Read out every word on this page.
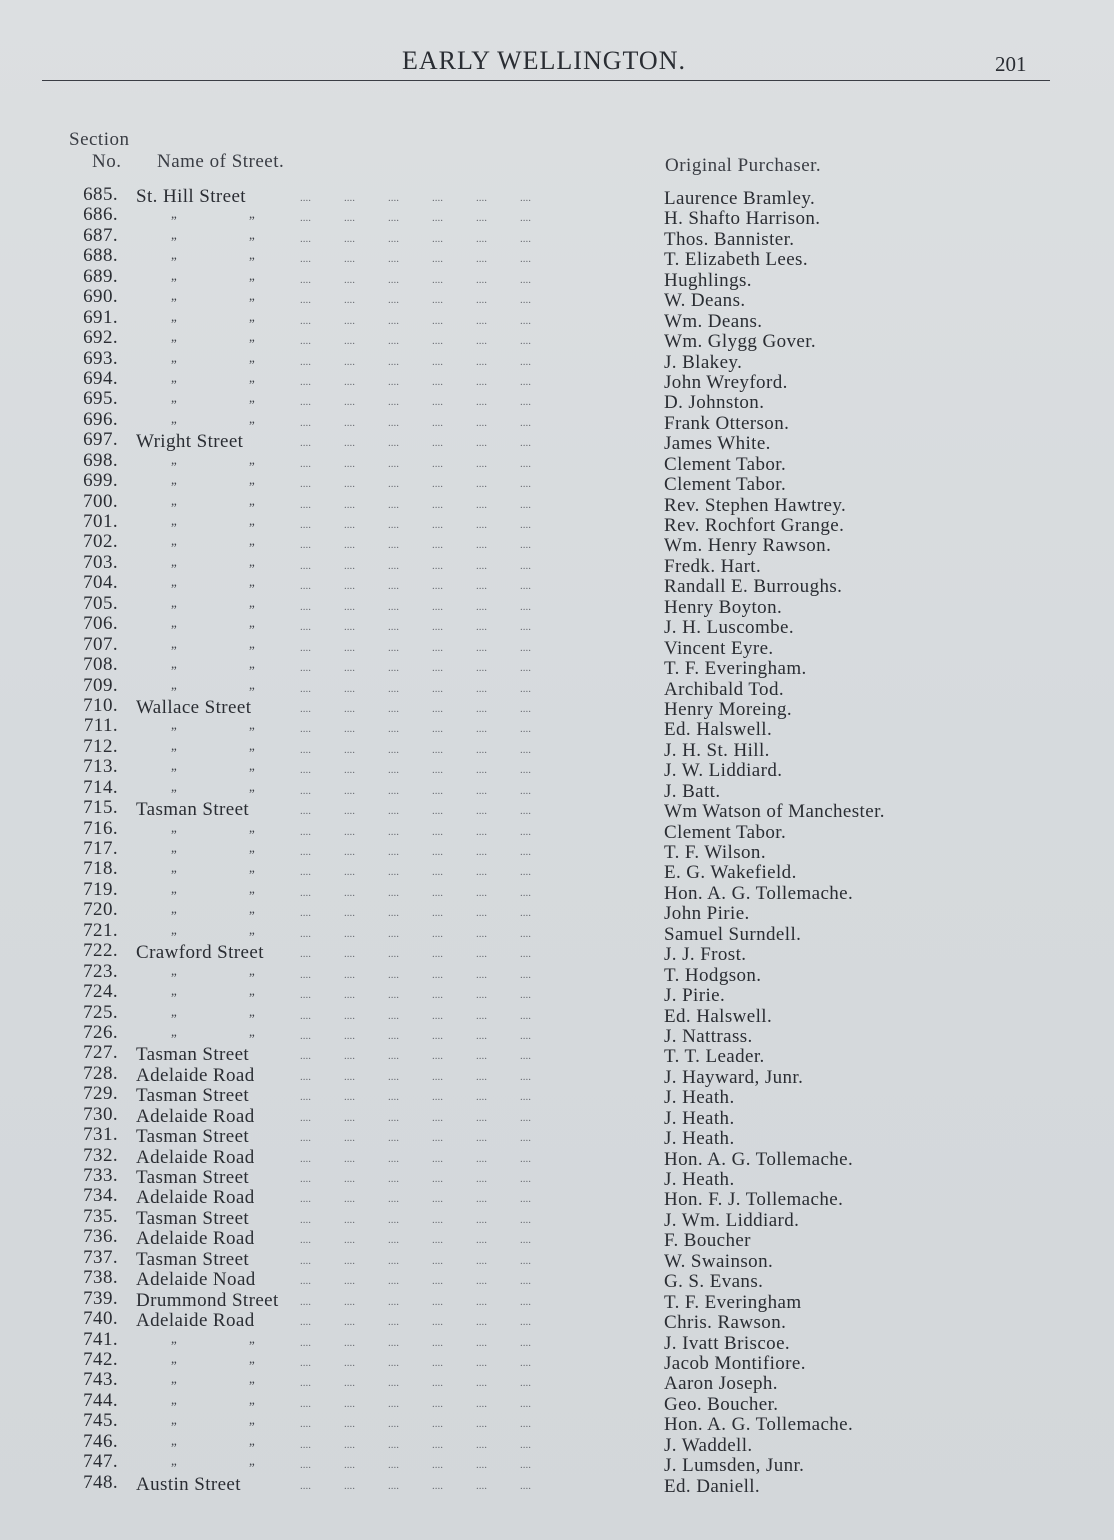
EARLY WELLINGTON.	201
Section
No. Name of Street.	Original Purchaser.
685. St. Hill Street	....            ....            ....            ....            ....            ....	Laurence Bramley.
686.	”	”	....            ....            ....            ....            ....            ....	H. Shafto Harrison.
687.	”	”	....            ....            ....            ....            ....            ....	Thos. Bannister.
688.	”	”	....            ....            ....            ....            ....            ....	T. Elizabeth Lees.
689.	”	”	....            ....            ....            ....            ....            ....	Hughlings.
690.	”	”	....            ....            ....            ....            ....            ....	W. Deans.
691.	”	”	....            ....            ....            ....            ....            ....	Wm. Deans.
692.	”	”	....            ....            ....            ....            ....            ....	Wm. Glygg Gover.
693.	”	”	....            ....            ....            ....            ....            ....	J. Blakey.
694.	”	”	....            ....            ....            ....            ....            ....	John Wreyford.
695.	”	”	....            ....            ....            ....            ....            ....	D. Johnston.
696.	”	”	....            ....            ....            ....            ....            ....	Frank Otterson.
697. Wright Street	....            ....            ....            ....            ....            ....	James White.
698.	”	”	....            ....            ....            ....            ....            ....	Clement Tabor.
699.	”	”	....            ....            ....            ....            ....            ....	Clement Tabor.
700.	”	”	....            ....            ....            ....            ....            ....	Rev. Stephen Hawtrey.
701.	”	”	....            ....            ....            ....            ....            ....	Rev. Rochfort Grange.
702.	”	”	....            ....            ....            ....            ....            ....	Wm. Henry Rawson.
703.	”	”	....            ....            ....            ....            ....            ....	Fredk. Hart.
704.	”	”	....            ....            ....            ....            ....            ....	Randall E. Burroughs.
705.	”	”	....            ....            ....            ....            ....            ....	Henry Boyton.
706.	”	”	....            ....            ....            ....            ....            ....	J. H. Luscombe.
707.	”	”	....            ....            ....            ....            ....            ....	Vincent Eyre.
708.	”	”	....            ....            ....            ....            ....            ....	T. F. Everingham.
709.	”	”	....            ....            ....            ....            ....            ....	Archibald Tod.
710. Wallace Street	....            ....            ....            ....            ....            ....	Henry Moreing.
711.	”	”	....            ....            ....            ....            ....            ....	Ed. Halswell.
712.	”	”	....            ....            ....            ....            ....            ....	J. H. St. Hill.
713.	”	”	....            ....            ....            ....            ....            ....	J. W. Liddiard.
714.	”	”	....            ....            ....            ....            ....            ....	J. Batt.
715. Tasman Street	....            ....            ....            ....            ....            ....	Wm Watson of Manchester.
716.	”	”	....            ....            ....            ....            ....            ....	Clement Tabor.
717.	”	”	....            ....            ....            ....            ....            ....	T. F. Wilson.
718.	”	”	....            ....            ....            ....            ....            ....	E. G. Wakefield.
719.	”	”	....            ....            ....            ....            ....            ....	Hon. A. G. Tollemache.
720.	”	”	....            ....            ....            ....            ....            ....	John Pirie.
721.	”	”	....            ....            ....            ....            ....            ....	Samuel Surndell.
722. Crawford Street	....            ....            ....            ....            ....            ....	J. J. Frost.
723.	”	”	....            ....            ....            ....            ....            ....	T. Hodgson.
724.	”	”	....            ....            ....            ....            ....            ....	J. Pirie.
725.	”	”	....            ....            ....            ....            ....            ....	Ed. Halswell.
726.	”	”	....            ....            ....            ....            ....            ....	J. Nattrass.
727. Tasman Street	....            ....            ....            ....            ....            ....	T. T. Leader.
728. Adelaide Road	....            ....            ....            ....            ....            ....	J. Hayward, Junr.
729. Tasman Street	....            ....            ....            ....            ....            ....	J. Heath.
730. Adelaide Road	....            ....            ....            ....            ....            ....	J. Heath.
731. Tasman Street	....            ....            ....            ....            ....            ....	J. Heath.
732. Adelaide Road	....            ....            ....            ....            ....            ....	Hon. A. G. Tollemache.
733. Tasman Street	....            ....            ....            ....            ....            ....	J. Heath.
734. Adelaide Road	....            ....            ....            ....            ....            ....	Hon. F. J. Tollemache.
735. Tasman Street	....            ....            ....            ....            ....            ....	J. Wm. Liddiard.
736. Adelaide Road	....            ....            ....            ....            ....            ....	F. Boucher
737. Tasman Street	....            ....            ....            ....            ....            ....	W. Swainson.
738. Adelaide Noad	....            ....            ....            ....            ....            ....	G. S. Evans.
739. Drummond Street ....            ....            ....            ....            ....            ....	T. F. Everingham
740. Adelaide Road	....            ....            ....            ....            ....            ....	Chris. Rawson.
741.	”	”	....            ....            ....            ....            ....            ....	J. Ivatt Briscoe.
742.	”	”	....            ....            ....            ....            ....            ....	Jacob Montifiore.
743.	”	”	....            ....            ....            ....            ....            ....	Aaron Joseph.
744.	”	”	....            ....            ....            ....            ....            ....	Geo. Boucher.
745.	”	”	....            ....            ....            ....            ....            ....	Hon. A. G. Tollemache.
746.	”	”	....            ....            ....            ....            ....            ....	J. Waddell.
747.	”	”	....            ....            ....            ....            ....            ....	J. Lumsden, Junr.
748. Austin Street	....            ....            ....            ....            ....            ....	Ed. Daniell.
